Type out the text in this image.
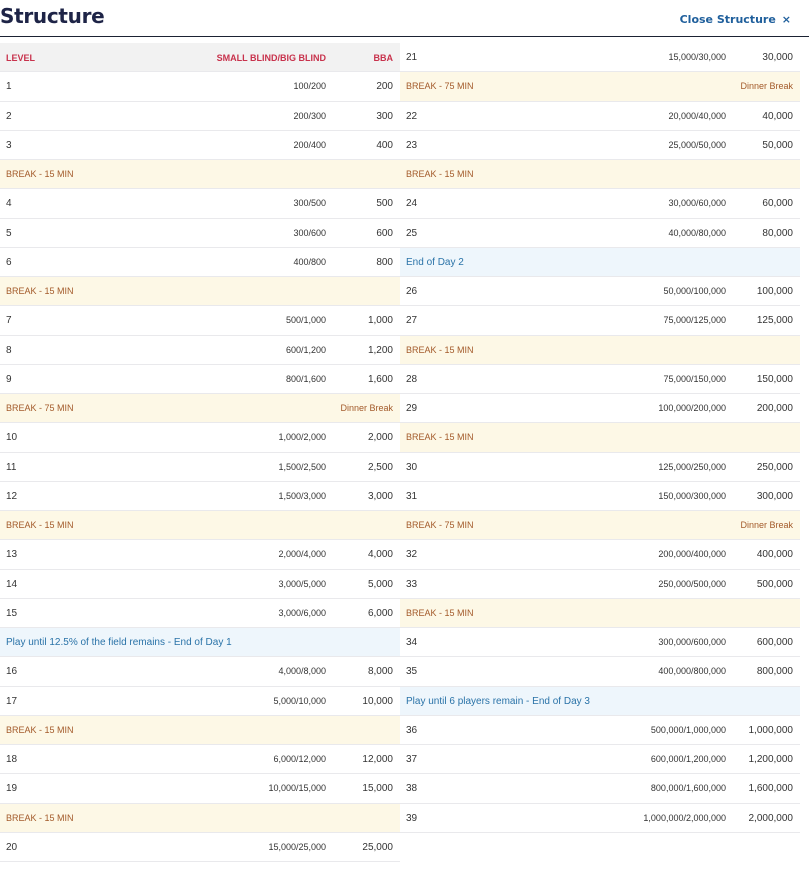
Structure	Close Structure ×
LEVEL	SMALL BLIND/BIG BLIND	BBA
1	100/200	200
2	200/300	300
3	200/400	400
BREAK - 15 MIN
4	300/500	500
5	300/600	600
6	400/800	800
BREAK - 15 MIN
7	500/1,000	1,000
8	600/1,200	1,200
9	800/1,600	1,600
BREAK - 75 MIN	Dinner Break
10	1,000/2,000	2,000
11	1,500/2,500	2,500
12	1,500/3,000	3,000
BREAK - 15 MIN
13	2,000/4,000	4,000
14	3,000/5,000	5,000
15	3,000/6,000	6,000
Play until 12.5% of the field remains - End of Day 1
16	4,000/8,000	8,000
17	5,000/10,000	10,000
BREAK - 15 MIN
18	6,000/12,000	12,000
19	10,000/15,000	15,000
BREAK - 15 MIN
20	15,000/25,000	25,000
21	15,000/30,000	30,000
BREAK - 75 MIN	Dinner Break
22	20,000/40,000	40,000
23	25,000/50,000	50,000
BREAK - 15 MIN
24	30,000/60,000	60,000
25	40,000/80,000	80,000
End of Day 2
26	50,000/100,000	100,000
27	75,000/125,000	125,000
BREAK - 15 MIN
28	75,000/150,000	150,000
29	100,000/200,000	200,000
BREAK - 15 MIN
30	125,000/250,000	250,000
31	150,000/300,000	300,000
BREAK - 75 MIN	Dinner Break
32	200,000/400,000	400,000
33	250,000/500,000	500,000
BREAK - 15 MIN
34	300,000/600,000	600,000
35	400,000/800,000	800,000
Play until 6 players remain - End of Day 3
36	500,000/1,000,000 1,000,000
37	600,000/1,200,000 1,200,000
38	800,000/1,600,000 1,600,000
39	1,000,000/2,000,000 2,000,000
